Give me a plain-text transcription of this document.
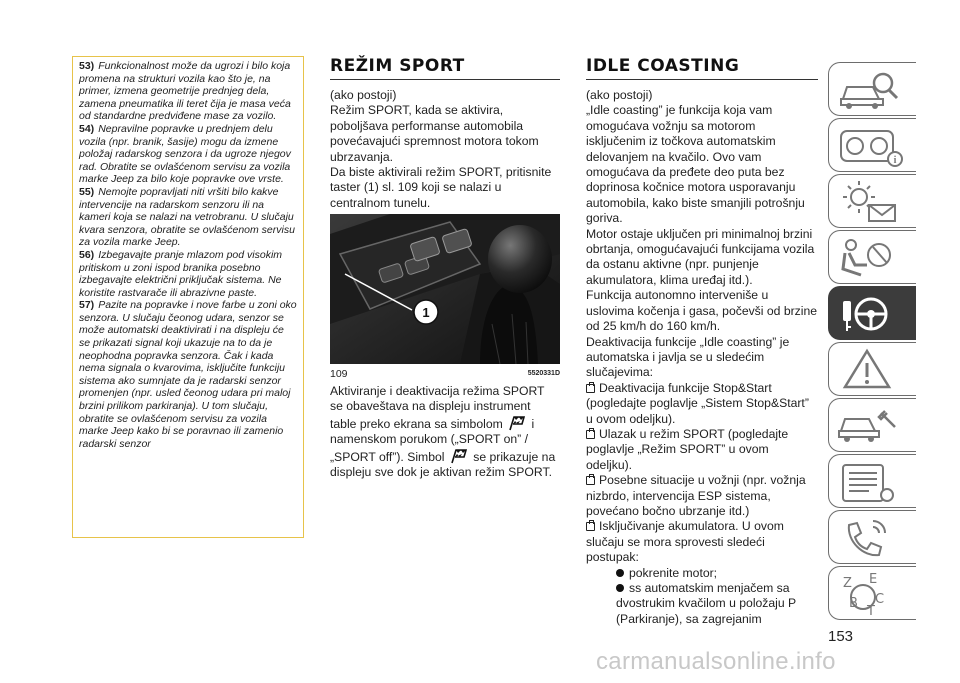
53) Funkcionalnost može da ugrozi i bilo koja promena na strukturi vozila kao što je, na primer, izmena geometrije prednjeg dela, zamena pneumatika ili teret čija je masa veća od standardne predviđene mase za vozilo.

54) Nepravilne popravke u prednjem delu vozila (npr. branik, šasije) mogu da izmene položaj radarskog senzora i da ugroze njegov rad. Obratite se ovlašćenom servisu za vozila marke Jeep za bilo koje popravke ove vrste.

55) Nemojte popravljati niti vršiti bilo kakve intervencije na radarskom senzoru ili na kameri koja se nalazi na vetrobranu. U slučaju kvara senzora, obratite se ovlašćenom servisu za vozila marke Jeep.

56) Izbegavajte pranje mlazom pod visokim pritiskom u zoni ispod branika posebno izbegavajte električni priključak sistema. Ne koristite rastvarače ili abrazivne paste.

57) Pazite na popravke i nove farbe u zoni oko senzora. U slučaju čeonog udara, senzor se može automatski deaktivirati i na displeju će se prikazati signal koji ukazuje na to da je neophodna popravka senzora. Čak i kada nema signala o kvarovima, isključite funkciju sistema ako sumnjate da je radarski senzor promenjen (npr. usled čeonog udara pri maloj brzini prilikom parkiranja). U tom slučaju, obratite se ovlašćenom servisu za vozila marke Jeep kako bi se poravnao ili zamenio radarski senzor

REŽIM SPORT
(ako postoji)
Režim SPORT, kada se aktivira, poboljšava performanse automobila povećavajući spremnost motora tokom ubrzavanja.
Da biste aktivirali režim SPORT, pritisnite taster (1) sl. 109 koji se nalazi u centralnom tunelu.
1
109	5520331D
Aktiviranje i deaktivacija režima SPORT se obaveštava na displeju instrument table preko ekrana sa simbolom i namenskom porukom („SPORT on” / „SPORT off”). Simbol se prikazuje na displeju sve dok je aktivan režim SPORT.
IDLE COASTING
(ako postoji)
„Idle coasting” je funkcija koja vam omogućava vožnju sa motorom isključenim iz točkova automatskim delovanjem na kvačilo. Ovo vam omogućava da pređete deo puta bez doprinosa kočnice motora usporavanju automobila, kako biste smanjili potrošnju goriva.
Motor ostaje uključen pri minimalnoj brzini obrtanja, omogućavajući funkcijama vozila da ostanu aktivne (npr. punjenje akumulatora, klima uređaj itd.).
Funkcija autonomno interveniše u uslovima kočenja i gasa, počevši od brzine od 25 km/h do 160 km/h.
Deaktivacija funkcije „Idle coasting” je automatska i javlja se u sledećim slučajevima:
Deaktivacija funkcije Stop&Start (pogledajte poglavlje „Sistem Stop&Start” u ovom odeljku).
Ulazak u režim SPORT (pogledajte poglavlje „Režim SPORT” u ovom odeljku).
Posebne situacije u vožnji (npr. vožnja nizbrdo, intervencija ESP sistema, povećano bočno ubrzanje itd.)
Isključivanje akumulatora. U ovom slučaju se mora sprovesti sledeći postupak:
pokrenite motor;
ss automatskim menjačem sa dvostrukim kvačilom u položaju P (Parkiranje), sa zagrejanim
i
Z E
B C
T
153
carmanualsonline.info
